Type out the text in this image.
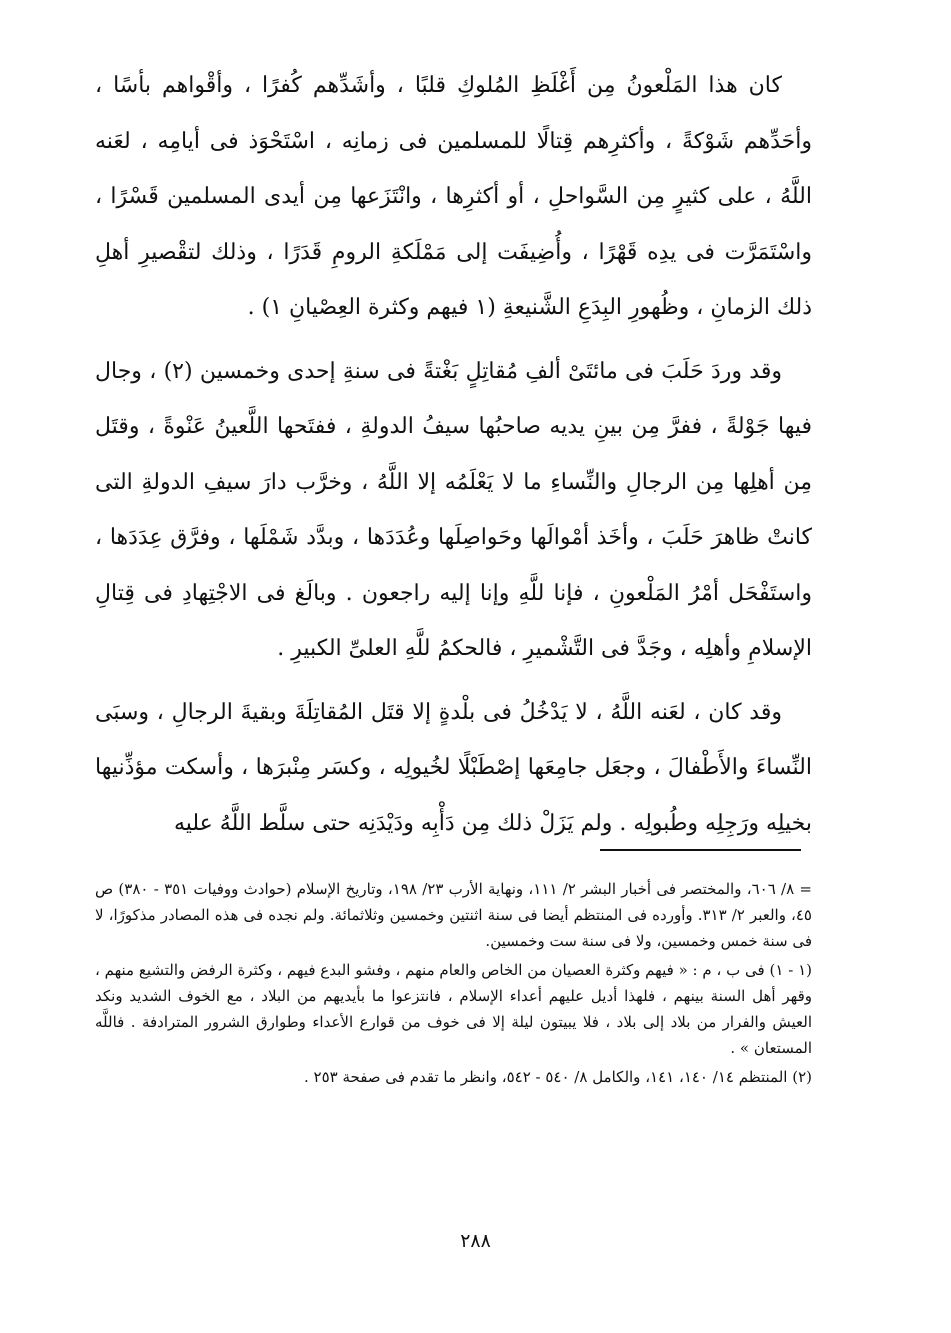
كان هذا المَلْعونُ مِن أَغْلَظِ المُلوكِ قلبًا ، وأشَدِّهم كُفرًا ، وأقْواهم بأسًا ، وأحَدِّهم شَوْكةً ، وأكثرِهم قِتالًا للمسلمين فى زمانِه ، اسْتَحْوَذ فى أيامِه ، لعَنه اللَّهُ ، على كثيرٍ مِن السَّواحلِ ، أو أكثرِها ، وانْتَزَعها مِن أيدى المسلمين قَسْرًا ، واسْتَمَرَّت فى يدِه قَهْرًا ، وأُضِيفَت إلى مَمْلَكةِ الرومِ قَدَرًا ، وذلك لتقْصيرِ أهلِ ذلك الزمانِ ، وظُهورِ البِدَعِ الشَّنيعةِ (١ فيهم وكثرة العِصْيانِ ١) .

وقد وردَ حَلَبَ فى مائتَىْ ألفِ مُقاتِلٍ بَغْتةً فى سنةِ إحدى وخمسين (٢) ، وجال فيها جَوْلةً ، ففرَّ مِن بينِ يديه صاحبُها سيفُ الدولةِ ، ففتَحها اللَّعينُ عَنْوةً ، وقتَل مِن أهلِها مِن الرجالِ والنِّساءِ ما لا يَعْلَمُه إلا اللَّهُ ، وخرَّب دارَ سيفِ الدولةِ التى كانتْ ظاهرَ حَلَبَ ، وأخَذ أمْوالَها وحَواصِلَها وعُدَدَها ، وبدَّد شَمْلَها ، وفرَّق عِدَدَها ، واستَفْحَل أمْرُ المَلْعونِ ، فإنا للَّهِ وإنا إليه راجعون . وبالَغ فى الاجْتِهادِ فى قِتالِ الإسلامِ وأهلِه ، وجَدَّ فى التَّشْميرِ ، فالحكمُ للَّهِ العلىِّ الكبيرِ .

وقد كان ، لعَنه اللَّهُ ، لا يَدْخُلُ فى بلْدةٍ إلا قتَل المُقاتِلَةَ وبقيةَ الرجالِ ، وسبَى النِّساءَ والأَطْفالَ ، وجعَل جامِعَها إصْطَبْلًا لخُيولِه ، وكسَر مِنْبرَها ، وأسكت مؤذِّنيها بخيلِه ورَجِلِه وطُبولِه . ولم يَزَلْ ذلك مِن دَأْبِه ودَيْدَنِه حتى سلَّط اللَّهُ عليه

= ٨/ ٦٠٦، والمختصر فى أخبار البشر ٢/ ١١١، ونهاية الأرب ٢٣/ ١٩٨، وتاريخ الإسلام (حوادث ووفيات ٣٥١ - ٣٨٠) ص ٤٥، والعبر ٢/ ٣١٣. وأورده فى المنتظم أيضا فى سنة اثنتين وخمسين وثلاثمائة. ولم نجده فى هذه المصادر مذكورًا، لا فى سنة خمس وخمسين، ولا فى سنة ست وخمسين.

(١ - ١) فى ب ، م : « فيهم وكثرة العصيان من الخاص والعام منهم ، وفشو البدع فيهم ، وكثرة الرفض والتشيع منهم ، وقهر أهل السنة بينهم ، فلهذا أديل عليهم أعداء الإسلام ، فانتزعوا ما بأيديهم من البلاد ، مع الخوف الشديد ونكد العيش والفرار من بلاد إلى بلاد ، فلا يبيتون ليلة إلا فى خوف من قوارع الأعداء وطوارق الشرور المترادفة . فاللَّه المستعان » .

(٢) المنتظم ١٤/ ١٤٠، ١٤١، والكامل ٨/ ٥٤٠ - ٥٤٢، وانظر ما تقدم فى صفحة ٢٥٣ .

٢٨٨
